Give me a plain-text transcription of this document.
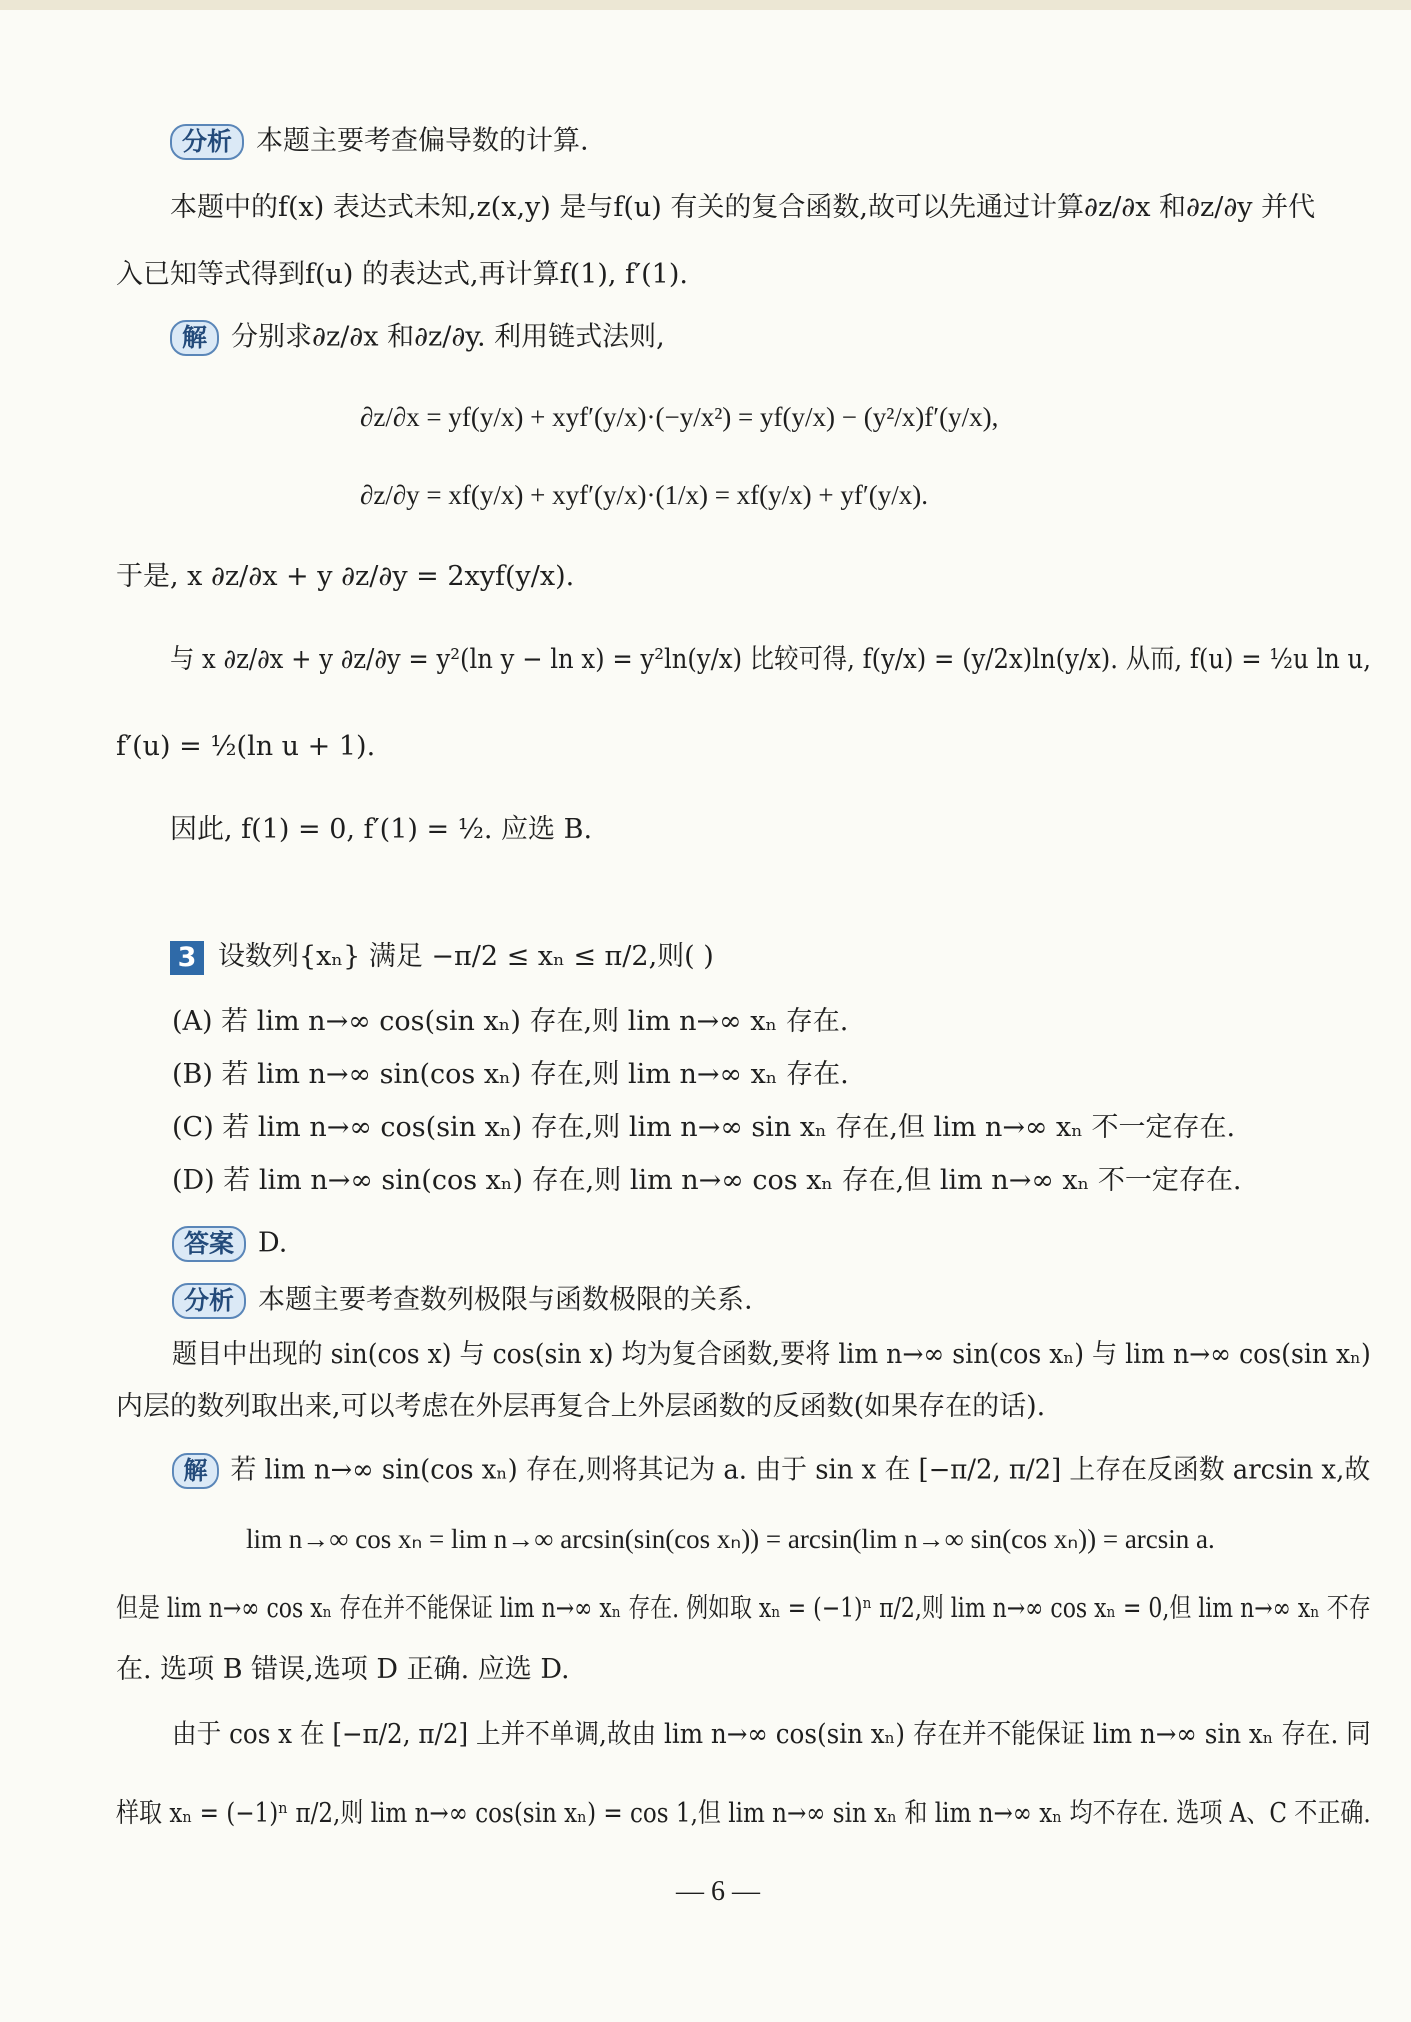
分析 本题主要考查偏导数的计算.
本题中的f(x) 表达式未知,z(x,y) 是与f(u) 有关的复合函数,故可以先通过计算∂z/∂x 和∂z/∂y 并代
入已知等式得到f(u) 的表达式,再计算f(1), f′(1).
解 分别求∂z/∂x 和∂z/∂y. 利用链式法则,
∂z/∂x = yf(y/x) + xyf′(y/x)·(−y/x²) = yf(y/x) − (y²/x)f′(y/x),
∂z/∂y = xf(y/x) + xyf′(y/x)·(1/x) = xf(y/x) + yf′(y/x).
于是, x ∂z/∂x + y ∂z/∂y = 2xyf(y/x).
与 x ∂z/∂x + y ∂z/∂y = y²(ln y − ln x) = y²ln(y/x) 比较可得, f(y/x) = (y/2x)ln(y/x). 从而, f(u) = ½u ln u,
f′(u) = ½(ln u + 1).
因此, f(1) = 0, f′(1) = ½. 应选 B.
3 设数列{xₙ} 满足 −π/2 ≤ xₙ ≤ π/2,则( )
(A) 若 lim n→∞ cos(sin xₙ) 存在,则 lim n→∞ xₙ 存在.
(B) 若 lim n→∞ sin(cos xₙ) 存在,则 lim n→∞ xₙ 存在.
(C) 若 lim n→∞ cos(sin xₙ) 存在,则 lim n→∞ sin xₙ 存在,但 lim n→∞ xₙ 不一定存在.
(D) 若 lim n→∞ sin(cos xₙ) 存在,则 lim n→∞ cos xₙ 存在,但 lim n→∞ xₙ 不一定存在.
答案 D.
分析 本题主要考查数列极限与函数极限的关系.
题目中出现的 sin(cos x) 与 cos(sin x) 均为复合函数,要将 lim n→∞ sin(cos xₙ) 与 lim n→∞ cos(sin xₙ)
内层的数列取出来,可以考虑在外层再复合上外层函数的反函数(如果存在的话).
解 若 lim n→∞ sin(cos xₙ) 存在,则将其记为 a. 由于 sin x 在 [−π/2, π/2] 上存在反函数 arcsin x,故
lim n→∞ cos xₙ = lim n→∞ arcsin(sin(cos xₙ)) = arcsin(lim n→∞ sin(cos xₙ)) = arcsin a.
但是 lim n→∞ cos xₙ 存在并不能保证 lim n→∞ xₙ 存在. 例如取 xₙ = (−1)ⁿ π/2,则 lim n→∞ cos xₙ = 0,但 lim n→∞ xₙ 不存
在. 选项 B 错误,选项 D 正确. 应选 D.
由于 cos x 在 [−π/2, π/2] 上并不单调,故由 lim n→∞ cos(sin xₙ) 存在并不能保证 lim n→∞ sin xₙ 存在. 同
样取 xₙ = (−1)ⁿ π/2,则 lim n→∞ cos(sin xₙ) = cos 1,但 lim n→∞ sin xₙ 和 lim n→∞ xₙ 均不存在. 选项 A、C 不正确.
— 6 —
